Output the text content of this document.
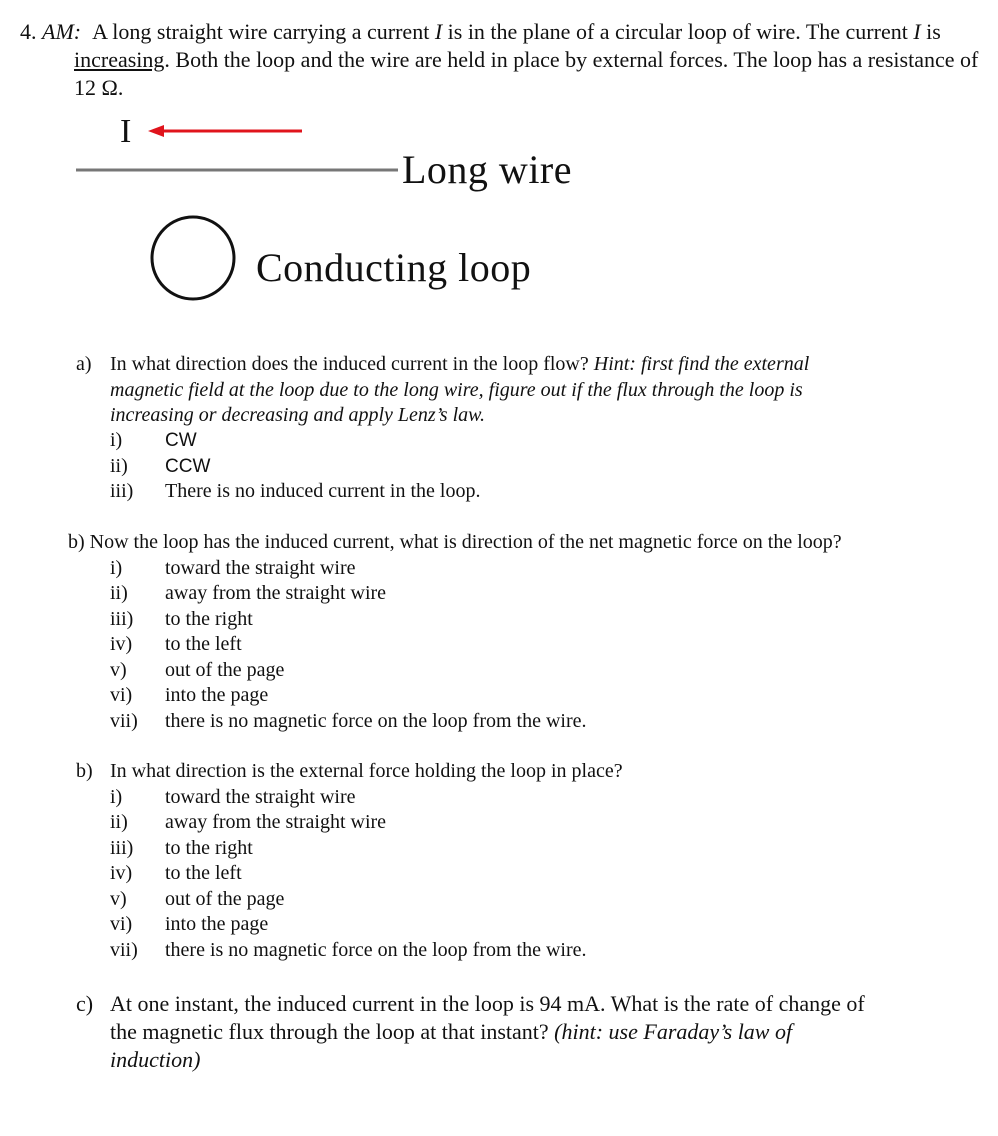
4. AM: A long straight wire carrying a current I is in the plane of a circular loop of wire. The current I is increasing. Both the loop and the wire are held in place by external forces. The loop has a resistance of 12 Ω.
I
Long wire
Conducting loop
a) In what direction does the induced current in the loop flow? Hint: first find the external
magnetic field at the loop due to the long wire, figure out if the flux through the loop is
increasing or decreasing and apply Lenz’s law.
i) CW
ii) CCW
iii) There is no induced current in the loop.
b) Now the loop has the induced current, what is direction of the net magnetic force on the loop?
i) toward the straight wire
ii) away from the straight wire
iii) to the right
iv) to the left
v) out of the page
vi) into the page
vii) there is no magnetic force on the loop from the wire.
b) In what direction is the external force holding the loop in place?
i) toward the straight wire
ii) away from the straight wire
iii) to the right
iv) to the left
v) out of the page
vi) into the page
vii) there is no magnetic force on the loop from the wire.
c) At one instant, the induced current in the loop is 94 mA. What is the rate of change of
the magnetic flux through the loop at that instant? (hint: use Faraday’s law of
induction)
